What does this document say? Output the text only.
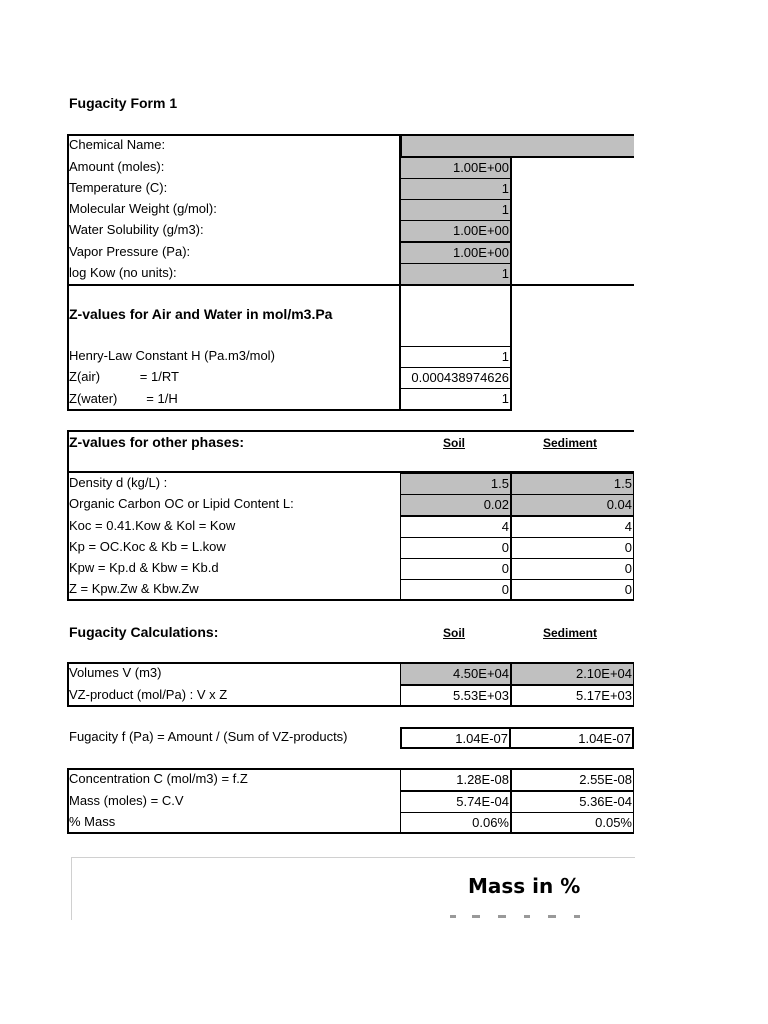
Fugacity Form 1
Chemical Name:
Amount (moles):	1.00E+00
Temperature (C):	1
Molecular Weight (g/mol):	1
Water Solubility (g/m3):	1.00E+00
Vapor Pressure (Pa):	1.00E+00
log Kow (no units):	1
Z-values for Air and Water in mol/m3.Pa
Henry-Law Constant H (Pa.m3/mol)	1
Z(air)           = 1/RT	0.000438974626
Z(water)        = 1/H	1
Z-values for other phases:	Soil	Sediment
Density d (kg/L) :	1.5	1.5
Organic Carbon OC or Lipid Content L:	0.02	0.04
Koc = 0.41.Kow & Kol = Kow	4	4
Kp = OC.Koc & Kb = L.kow	0	0
Kpw = Kp.d & Kbw = Kb.d	0	0
Z = Kpw.Zw & Kbw.Zw	0	0
Fugacity Calculations:	Soil	Sediment
Volumes V (m3)	4.50E+04	2.10E+04
VZ-product (mol/Pa) : V x Z	5.53E+03	5.17E+03
Fugacity f (Pa) = Amount / (Sum of VZ-products)	1.04E-07	1.04E-07
Concentration C (mol/m3) = f.Z	1.28E-08	2.55E-08
Mass (moles) = C.V	5.74E-04	5.36E-04
% Mass	0.06%	0.05%
Mass in %
